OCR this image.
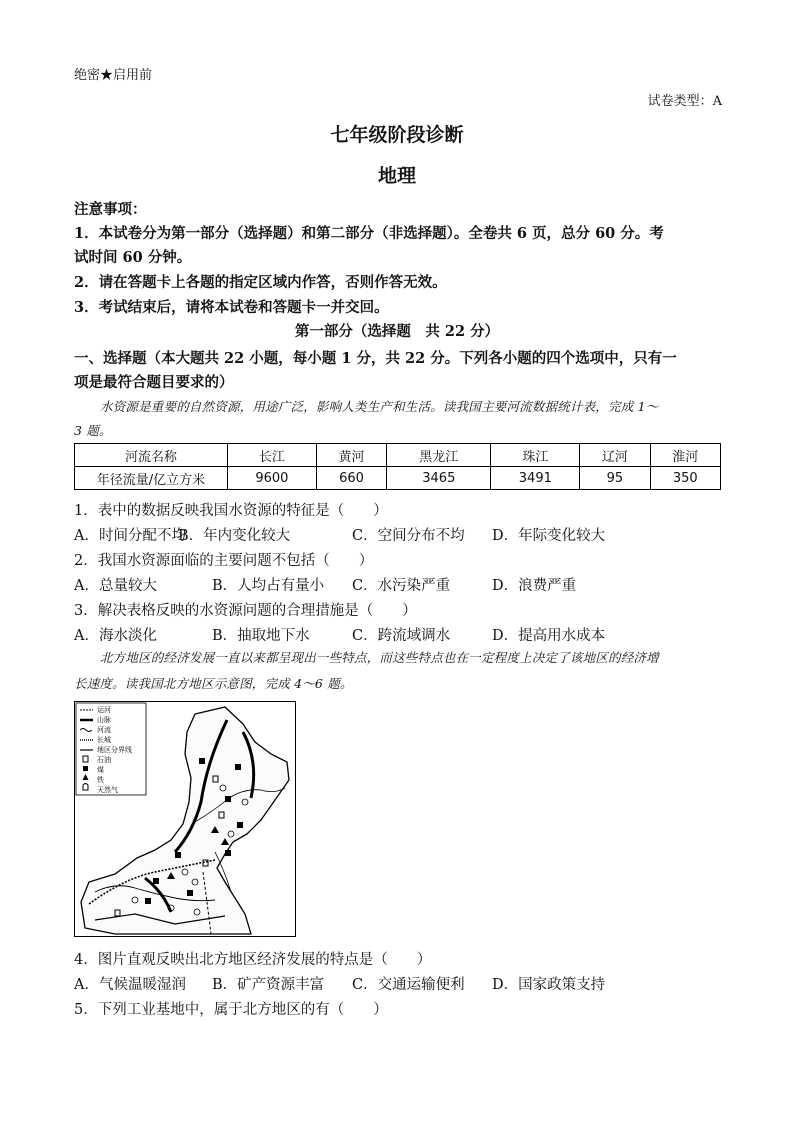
绝密★启用前
试卷类型：A
七年级阶段诊断
地理
注意事项：
1．本试卷分为第一部分（选择题）和第二部分（非选择题）。全卷共 6 页，总分 60 分。考
试时间 60 分钟。
2．请在答题卡上各题的指定区域内作答，否则作答无效。
3．考试结束后，请将本试卷和答题卡一并交回。
第一部分（选择题　共 22 分）
一、选择题（本大题共 22 小题，每小题 1 分，共 22 分。下列各小题的四个选项中，只有一
项是最符合题目要求的）
水资源是重要的自然资源，用途广泛，影响人类生产和生活。读我国主要河流数据统计表，完成 1～
3 题。
河流名称	长江	黄河	黑龙江	珠江	辽河	淮河
年径流量/亿立方米	9600	660	3465	3491	95	350
1．表中的数据反映我国水资源的特征是（　　）
A．时间分配不均
B．年内变化较大	C．空间分布不均 D．年际变化较大
2．我国水资源面临的主要问题不包括（　　）
A．总量较大	B．人均占有量小 C．水污染严重	D．浪费严重
3．解决表格反映的水资源问题的合理措施是（　　）
A．海水淡化	B．抽取地下水	C．跨流域调水	D．提高用水成本
北方地区的经济发展一直以来都呈现出一些特点，而这些特点也在一定程度上决定了该地区的经济增
长速度。读我国北方地区示意图，完成 4～6 题。
运河
山脉
河流
长城
地区分界线
石油
煤
铁
天然气
4．图片直观反映出北方地区经济发展的特点是（　　）
A．气候温暖湿润 B．矿产资源丰富 C．交通运输便利 D．国家政策支持
5．下列工业基地中，属于北方地区的有（　　）
